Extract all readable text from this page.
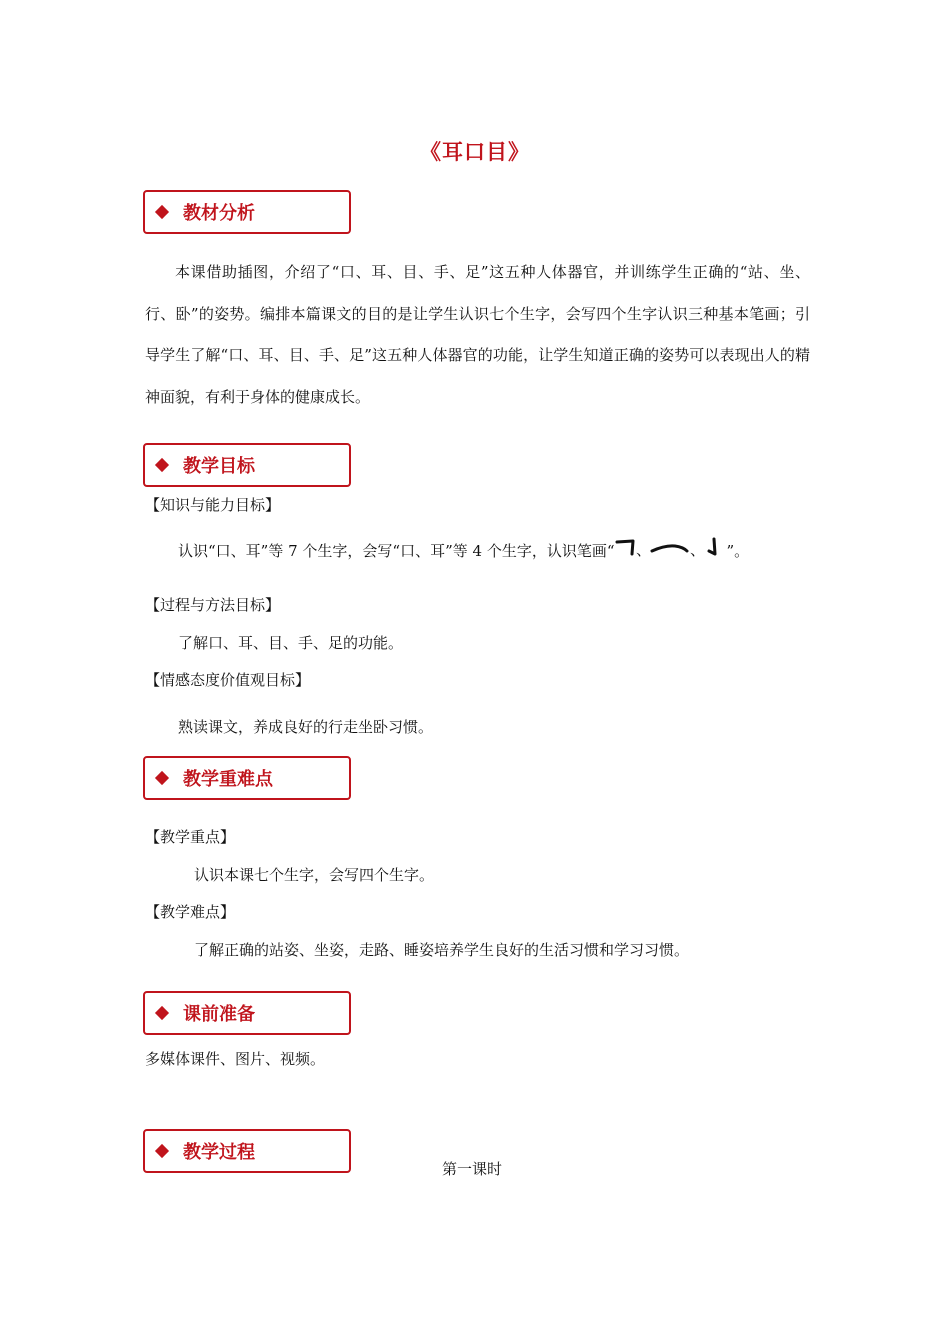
《耳口目》
教材分析

本课借助插图，介绍了“口、耳、目、手、足”这五种人体器官，并训练学生正确的“站、坐、行、卧”的姿势。编排本篇课文的目的是让学生认识七个生字，会写四个生字认识三种基本笔画；引导学生了解“口、耳、目、手、足”这五种人体器官的功能，让学生知道正确的姿势可以表现出人的精神面貌，有利于身体的健康成长。

教学目标
【知识与能力目标】
认识“口、耳”等 7 个生字，会写“口、耳”等 4 个生字，认识笔画“ 、	、 ”。
【过程与方法目标】
了解口、耳、目、手、足的功能。
【情感态度价值观目标】
熟读课文，养成良好的行走坐卧习惯。
教学重难点
【教学重点】
认识本课七个生字，会写四个生字。
【教学难点】
了解正确的站姿、坐姿，走路、睡姿培养学生良好的生活习惯和学习习惯。
课前准备
多媒体课件、图片、视频。
教学过程
第一课时
